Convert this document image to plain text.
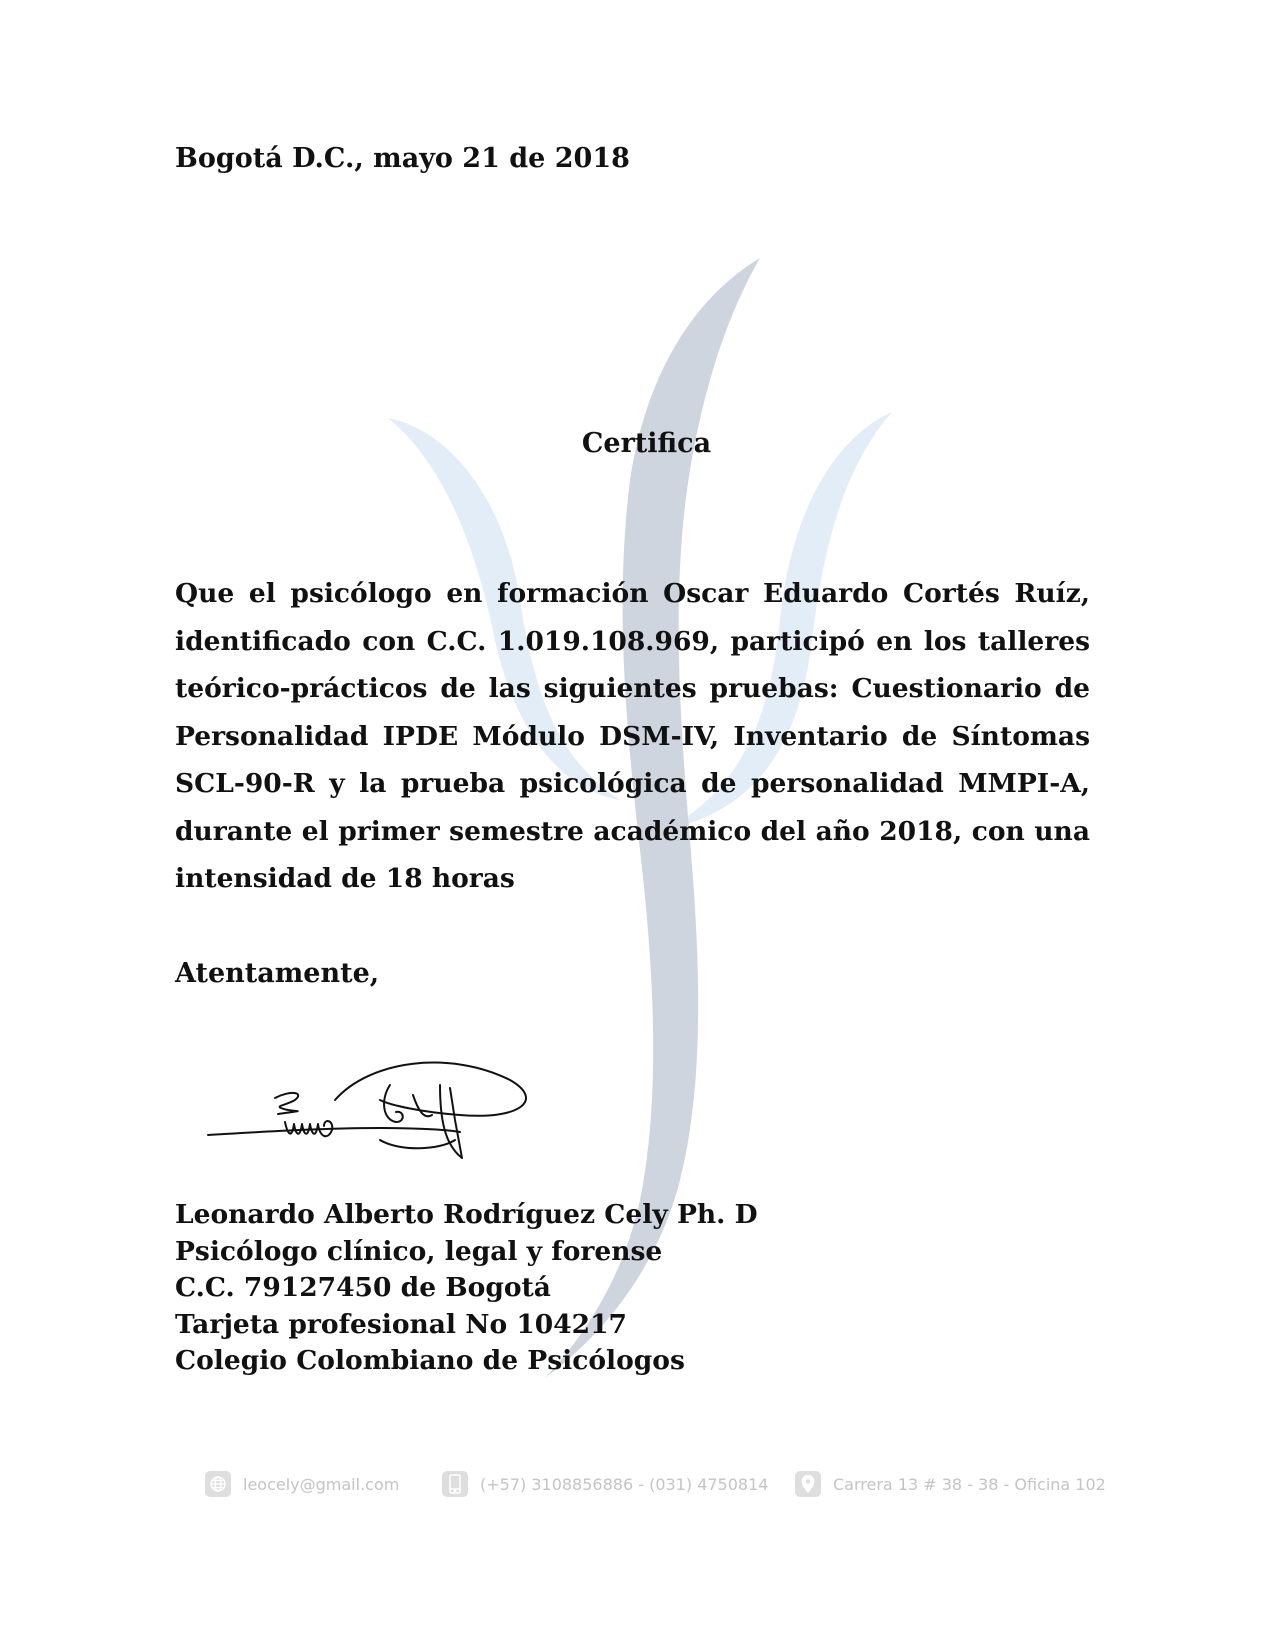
Bogotá D.C., mayo 21 de 2018
Certifica
Que el psicólogo en formación Oscar Eduardo Cortés Ruíz, identificado con C.C. 1.019.108.969, participó en los talleres teórico-prácticos de las siguientes pruebas: Cuestionario de Personalidad IPDE Módulo DSM-IV, Inventario de Síntomas SCL-90-R y la prueba psicológica de personalidad MMPI-A, durante el primer semestre académico del año 2018, con una intensidad de 18 horas
Atentamente,
Leonardo Alberto Rodríguez Cely Ph. D
Psicólogo clínico, legal y forense
C.C. 79127450 de Bogotá
Tarjeta profesional No 104217
Colegio Colombiano de Psicólogos
leocely@gmail.com	(+57) 3108856886 - (031) 4750814	Carrera 13 # 38 - 38 - Oficina 102
